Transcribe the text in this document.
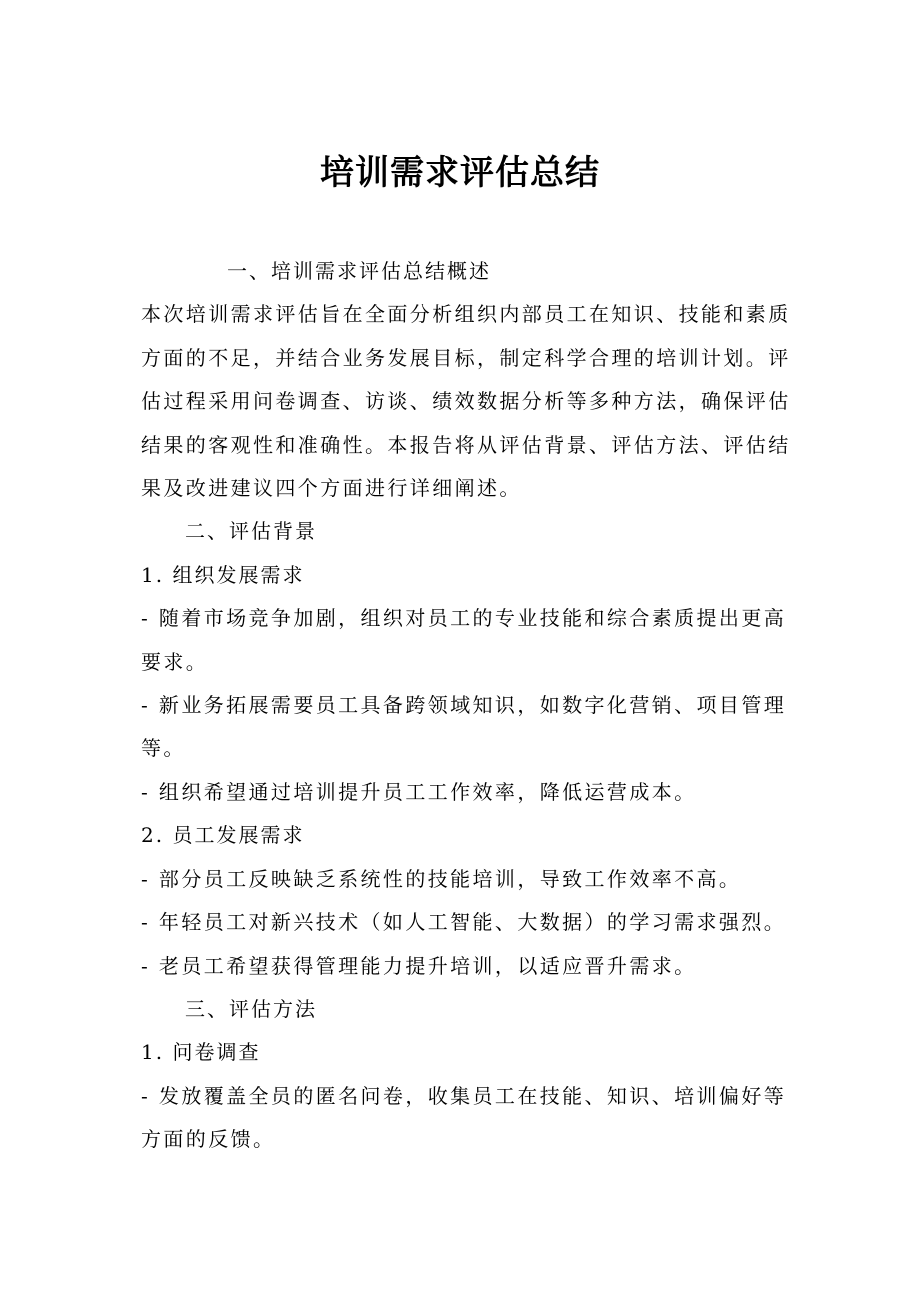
培训需求评估总结
一、培训需求评估总结概述
本次培训需求评估旨在全面分析组织内部员工在知识、技能和素质
方面的不足，并结合业务发展目标，制定科学合理的培训计划。评
估过程采用问卷调查、访谈、绩效数据分析等多种方法，确保评估
结果的客观性和准确性。本报告将从评估背景、评估方法、评估结
果及改进建议四个方面进行详细阐述。
二、评估背景
1. 组织发展需求
- 随着市场竞争加剧，组织对员工的专业技能和综合素质提出更高
要求。
- 新业务拓展需要员工具备跨领域知识，如数字化营销、项目管理
等。
- 组织希望通过培训提升员工工作效率，降低运营成本。
2. 员工发展需求
- 部分员工反映缺乏系统性的技能培训，导致工作效率不高。
- 年轻员工对新兴技术（如人工智能、大数据）的学习需求强烈。
- 老员工希望获得管理能力提升培训，以适应晋升需求。
三、评估方法
1. 问卷调查
- 发放覆盖全员的匿名问卷，收集员工在技能、知识、培训偏好等
方面的反馈。
